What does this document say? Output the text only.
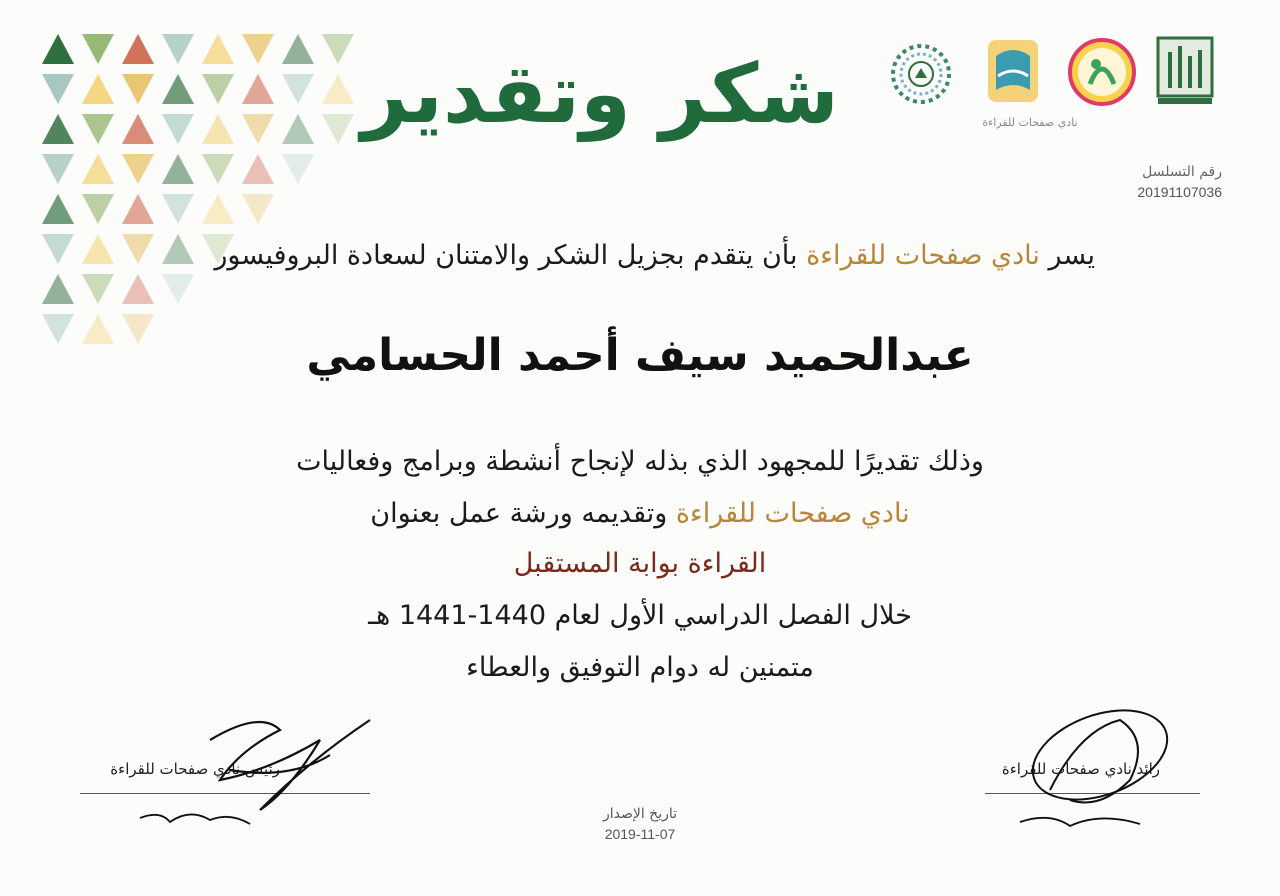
شكر وتقدير	نادي صفحات للقراءة
رقم التسلسل
20191107036
يسر نادي صفحات للقراءة بأن يتقدم بجزيل الشكر والامتنان لسعادة البروفيسور
عبدالحميد سيف أحمد الحسامي
وذلك تقديرًا للمجهود الذي بذله لإنجاح أنشطة وبرامج وفعاليات
نادي صفحات للقراءة وتقديمه ورشة عمل بعنوان
القراءة بوابة المستقبل
خلال الفصل الدراسي الأول لعام 1440-1441 هـ
متمنين له دوام التوفيق والعطاء
رئيس نادي صفحات للقراءة	رائد نادي صفحات للقراءة
تاريخ الإصدار
2019-11-07
